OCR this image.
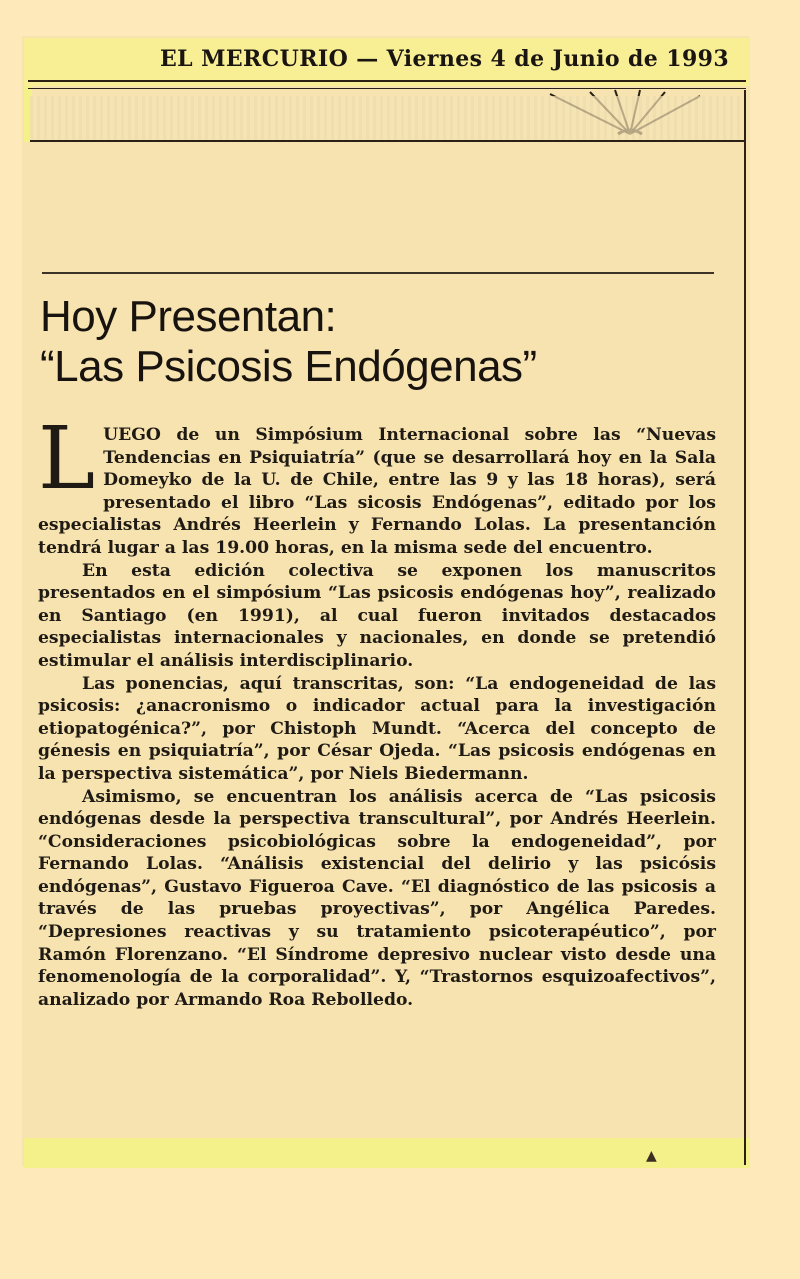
EL MERCURIO — Viernes 4 de Junio de 1993
Hoy Presentan:
“Las Psicosis Endógenas”

LUEGO de un Simpósium Internacional sobre las “Nuevas Tendencias en Psiquiatría” (que se desarrollará hoy en la Sala Domeyko de la U. de Chile, entre las 9 y las 18 horas), será presentado el libro “Las sicosis Endógenas”, editado por los especialistas Andrés Heerlein y Fernando Lolas. La presentanción tendrá lugar a las 19.00 horas, en la misma sede del encuentro.

En esta edición colectiva se exponen los manuscritos presentados en el simpósium “Las psicosis endógenas hoy”, realizado en Santiago (en 1991), al cual fueron invitados destacados especialistas internacionales y nacionales, en donde se pretendió estimular el análisis interdisciplinario.

Las ponencias, aquí transcritas, son: “La endogeneidad de las psicosis: ¿anacronismo o indicador actual para la investigación etiopatogénica?”, por Chistoph Mundt. “Acerca del concepto de génesis en psiquiatría”, por César Ojeda. “Las psicosis endógenas en la perspectiva sistemática”, por Niels Biedermann.

Asimismo, se encuentran los análisis acerca de “Las psicosis endógenas desde la perspectiva transcultural”, por Andrés Heerlein. “Consideraciones psicobiológicas sobre la endogeneidad”, por Fernando Lolas. “Análisis existencial del delirio y las psicósis endógenas”, Gustavo Figueroa Cave. “El diagnóstico de las psicosis a través de las pruebas proyectivas”, por Angélica Paredes. “Depresiones reactivas y su tratamiento psicoterapéutico”, por Ramón Florenzano. “El Síndrome depresivo nuclear visto desde una fenomenología de la corporalidad”. Y, “Trastornos esquizoafectivos”, analizado por Armando Roa Rebolledo.

▲
